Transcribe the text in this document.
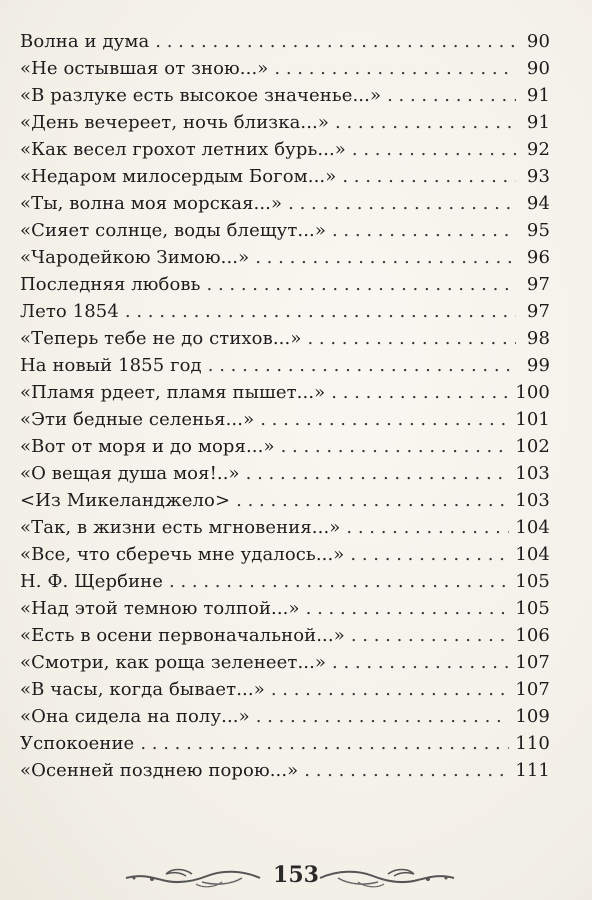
Волна и дума . . .	90
«Не остывшая от зною...» . . .	90
«В разлуке есть высокое значенье...» . . .	91
«День вечереет, ночь близка...» . . .	91
«Как весел грохот летних бурь...» . . .	92
«Недаром милосердым Богом...» . . .	93
«Ты, волна моя морская...» . . .	94
«Сияет солнце, воды блещут...» . . .	95
«Чародейкою Зимою...» . . .	96
Последняя любовь . . .	97
Лето 1854 . . .	97
«Теперь тебе не до стихов...» . . .	98
На новый 1855 год . . .	99
«Пламя рдеет, пламя пышет...» . . .	100
«Эти бедные селенья...» . . .	101
«Вот от моря и до моря...» . . .	102
«О вещая душа моя!..» . . .	103
<Из Микеланджело> . . .	103
«Так, в жизни есть мгновения...» . . .	104
«Все, что сберечь мне удалось...» . . .	104
Н. Ф. Щербине . . .	105
«Над этой темною толпой...» . . .	105
«Есть в осени первоначальной...» . . .	106
«Смотри, как роща зеленеет...» . . .	107
«В часы, когда бывает...» . . .	107
«Она сидела на полу...» . . .	109
Успокоение . . .	110
«Осенней позднею порою...» . . .	111
153
